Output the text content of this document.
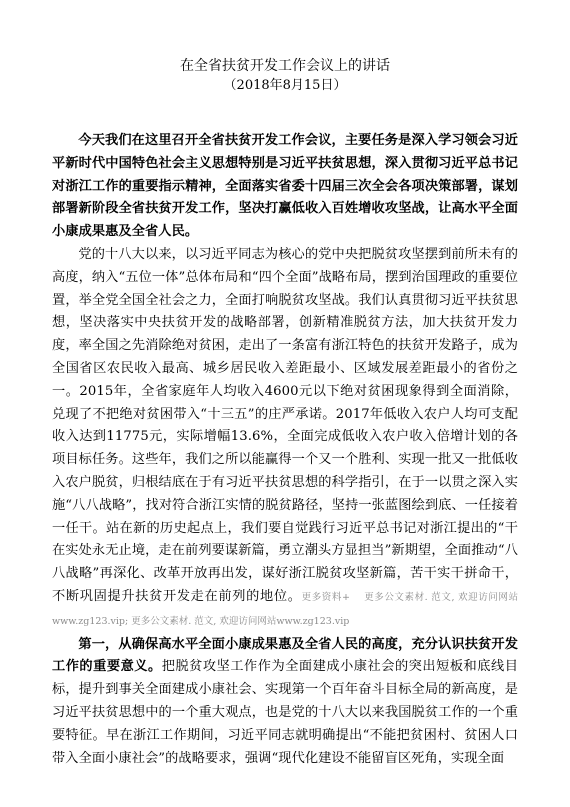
在全省扶贫开发工作会议上的讲话
（2018年8月15日）

今天我们在这里召开全省扶贫开发工作会议，主要任务是深入学习领会习近平新时代中国特色社会主义思想特别是习近平扶贫思想，深入贯彻习近平总书记对浙江工作的重要指示精神，全面落实省委十四届三次全会各项决策部署，谋划部署新阶段全省扶贫开发工作，坚决打赢低收入百姓增收攻坚战，让高水平全面小康成果惠及全省人民。

党的十八大以来，以习近平同志为核心的党中央把脱贫攻坚摆到前所未有的高度，纳入“五位一体”总体布局和“四个全面”战略布局，摆到治国理政的重要位置，举全党全国全社会之力，全面打响脱贫攻坚战。我们认真贯彻习近平扶贫思想，坚决落实中央扶贫开发的战略部署，创新精准脱贫方法，加大扶贫开发力度，率全国之先消除绝对贫困，走出了一条富有浙江特色的扶贫开发路子，成为全国省区农民收入最高、城乡居民收入差距最小、区域发展差距最小的省份之一。2015年，全省家庭年人均收入4600元以下绝对贫困现象得到全面消除，兑现了不把绝对贫困带入“十三五”的庄严承诺。2017年低收入农户人均可支配收入达到11775元，实际增幅13.6%，全面完成低收入农户收入倍增计划的各项目标任务。这些年，我们之所以能赢得一个又一个胜利、实现一批又一批低收入农户脱贫，归根结底在于有习近平扶贫思想的科学指引，在于一以贯之深入实施“八八战略”，找对符合浙江实情的脱贫路径，坚持一张蓝图绘到底、一任接着一任干。站在新的历史起点上，我们要自觉践行习近平总书记对浙江提出的“干在实处永无止境，走在前列要谋新篇，勇立潮头方显担当”新期望，全面推动“八八战略”再深化、改革开放再出发，谋好浙江脱贫攻坚新篇，苦干实干拼命干，不断巩固提升扶贫开发走在前列的地位。更多资料+　 更多公文素材. 范文, 欢迎访问网站www.zg123.vip; 更多公文素材. 范文, 欢迎访问网站www.zg123.vip

第一，从确保高水平全面小康成果惠及全省人民的高度，充分认识扶贫开发工作的重要意义。把脱贫攻坚工作作为全面建成小康社会的突出短板和底线目标，提升到事关全面建成小康社会、实现第一个百年奋斗目标全局的新高度，是习近平扶贫思想中的一个重大观点，也是党的十八大以来我国脱贫工作的一个重要特征。早在浙江工作期间，习近平同志就明确提出“不能把贫困村、贫困人口带入全面小康社会”的战略要求，强调“现代化建设不能留盲区死角，实现全面
